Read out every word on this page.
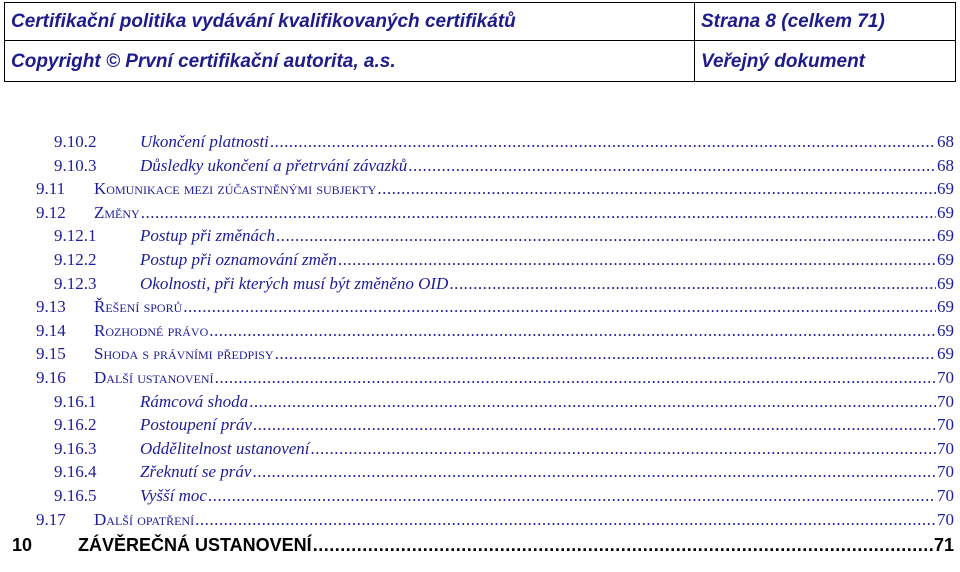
Certifikační politika vydávání kvalifikovaných certifikátů	Strana 8 (celkem 71)
Copyright © První certifikační autorita, a.s.	Veřejný dokument
9.10.2	Ukončení platnosti .....	68
9.10.3	Důsledky ukončení a přetrvání závazků .....	68
9.11	Komunikace mezi zúčastněnými subjekty .....	69
9.12	Změny .....	69
9.12.1	Postup při změnách .....	69
9.12.2	Postup při oznamování změn .....	69
9.12.3	Okolnosti, při kterých musí být změněno OID .....	69
9.13	Řešení sporů .....	69
9.14	Rozhodné právo .....	69
9.15	Shoda s právními předpisy .....	69
9.16	Další ustanovení .....	70
9.16.1	Rámcová shoda .....	70
9.16.2	Postoupení práv .....	70
9.16.3	Oddělitelnost ustanovení .....	70
9.16.4	Zřeknutí se práv .....	70
9.16.5	Vyšší moc .....	70
9.17	Další opatření .....	70
10	ZÁVĚREČNÁ USTANOVENÍ .....	71
